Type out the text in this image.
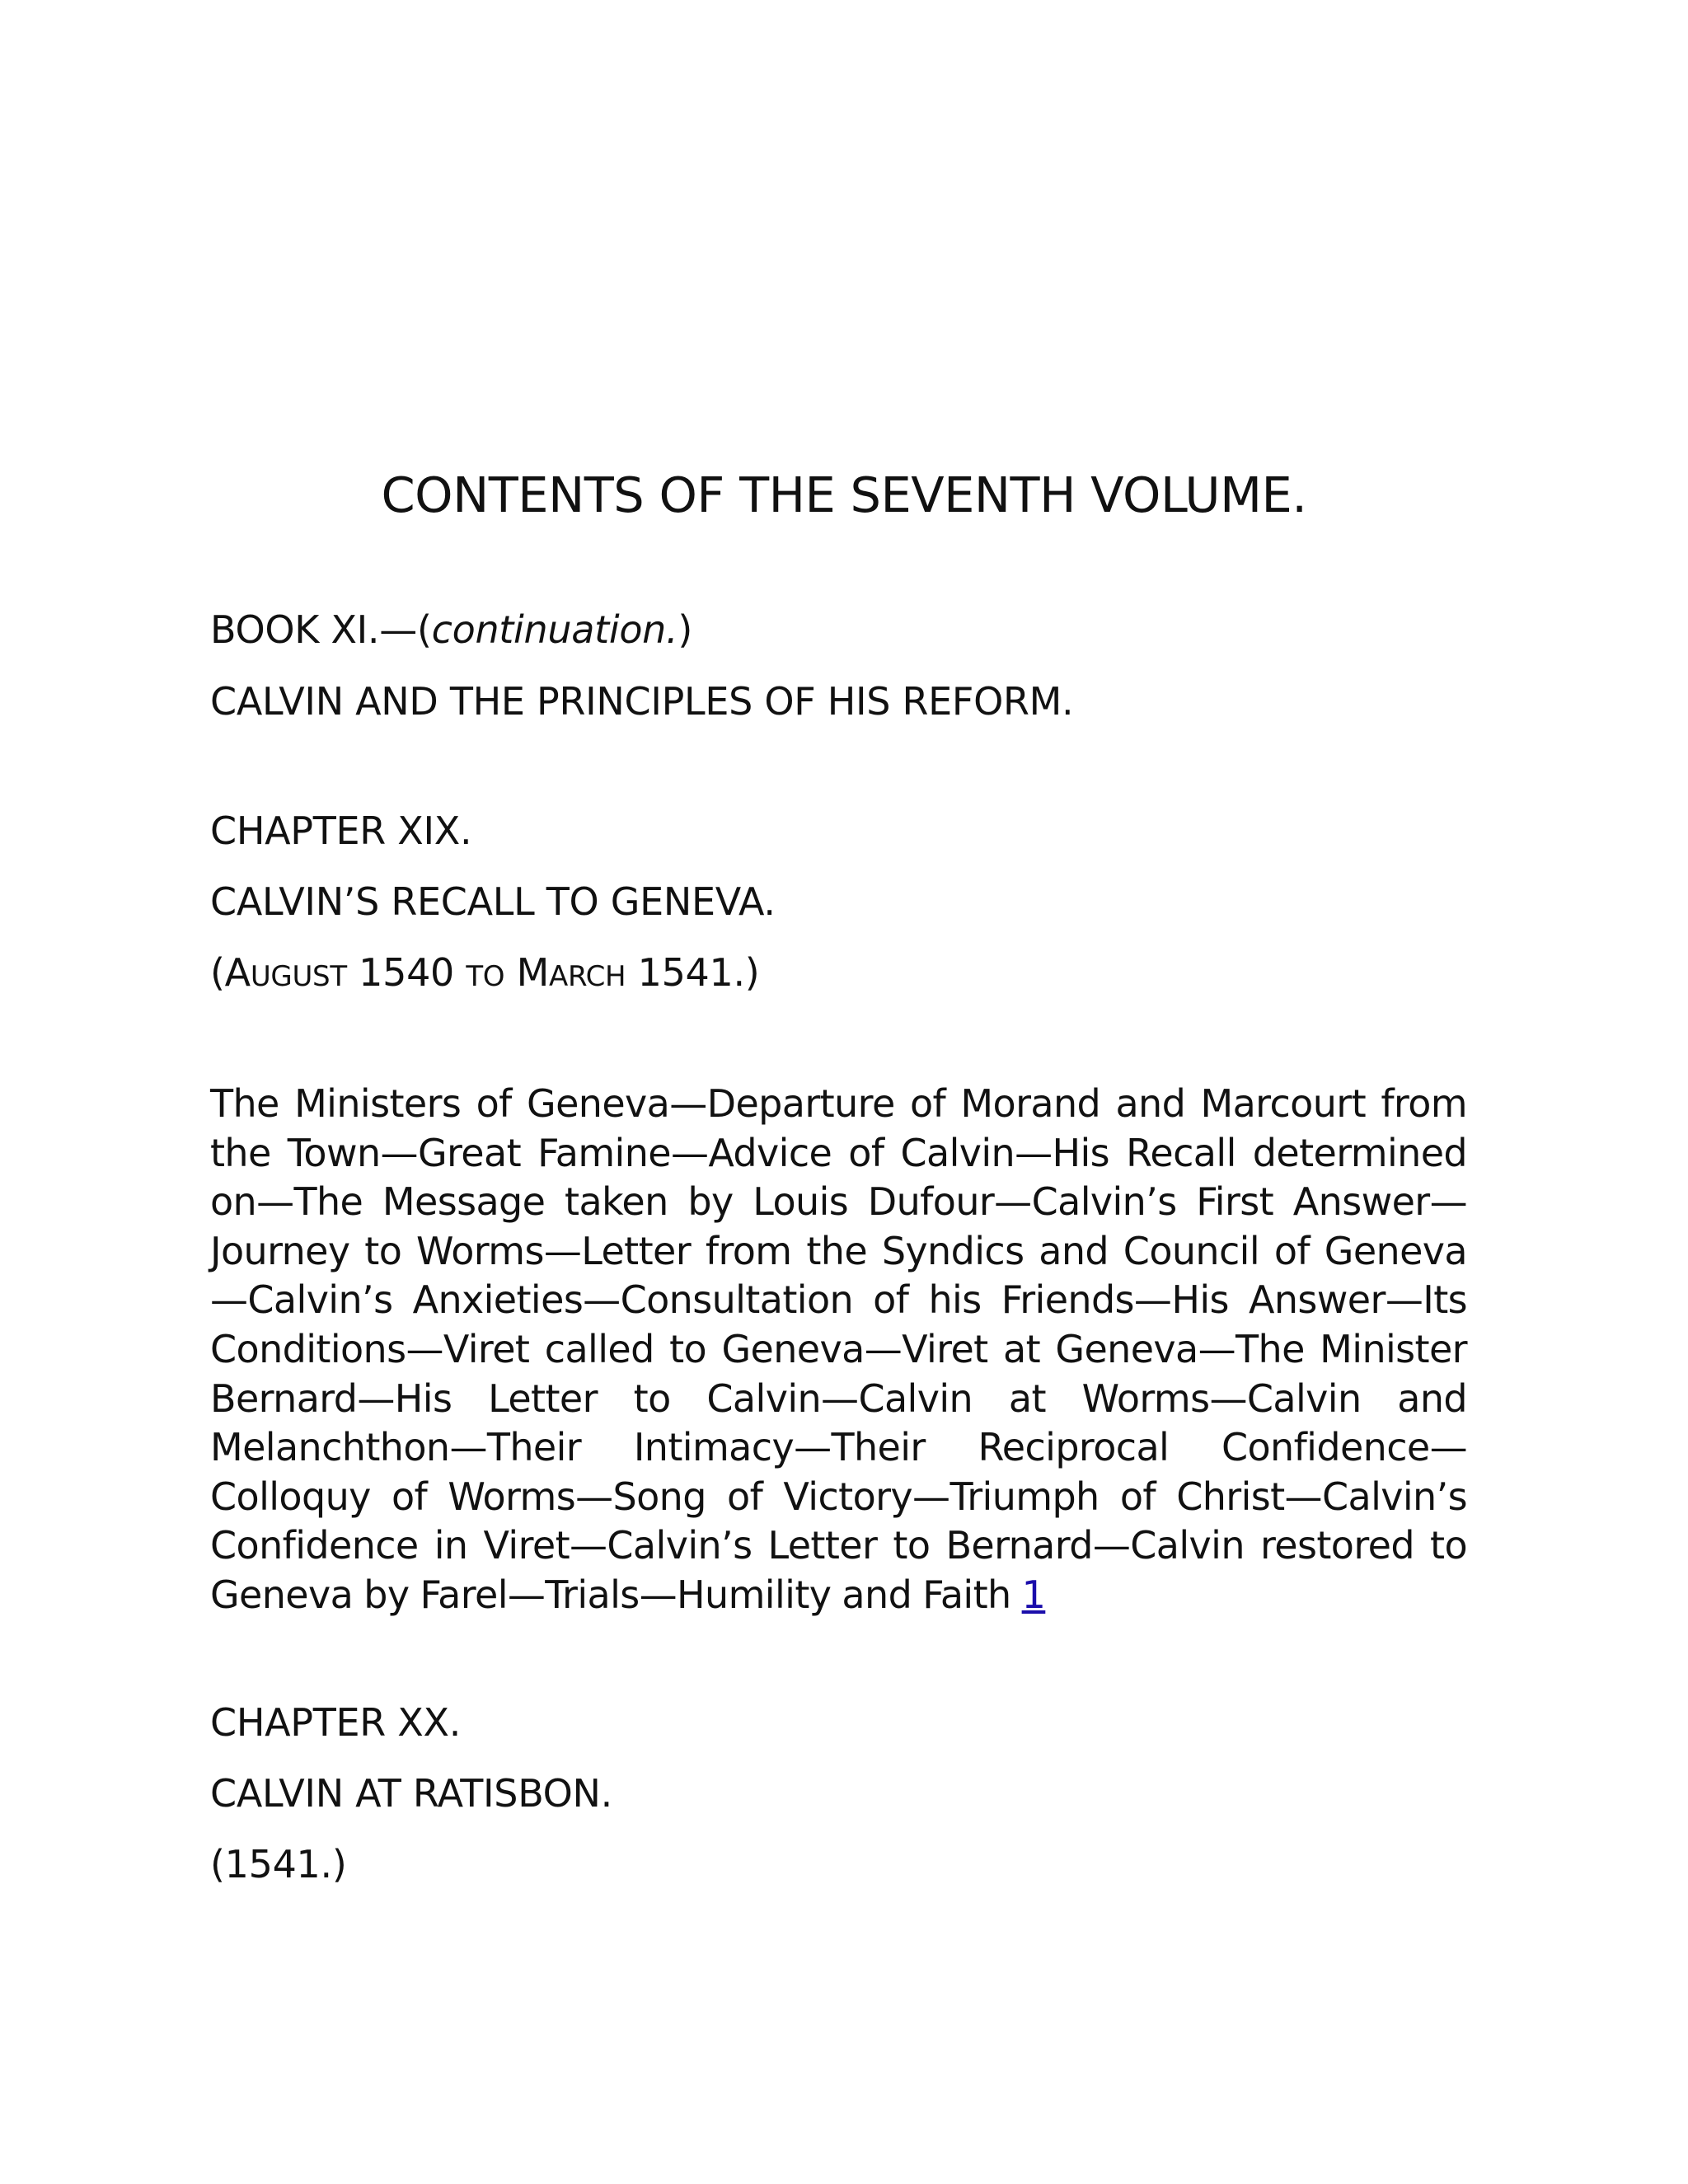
CONTENTS OF THE SEVENTH VOLUME.

BOOK XI.—(continuation.)

CALVIN AND THE PRINCIPLES OF HIS REFORM.

CHAPTER XIX.

CALVIN’S RECALL TO GENEVA.

(AUGUST 1540 TO MARCH 1541.)

The Ministers of Geneva—Departure of Morand and Marcourt from the Town—Great Famine—Advice of Calvin—His Recall determined on—The Message taken by Louis Dufour—Calvin’s First Answer—Journey to Worms—Letter from the Syndics and Council of Geneva—Calvin’s Anxieties—Consultation of his Friends—His Answer—Its Conditions—Viret called to Geneva—Viret at Geneva—The Minister Bernard—His Letter to Calvin—Calvin at Worms—Calvin and Melanchthon—Their Intimacy—Their Reciprocal Confidence—Colloquy of Worms—Song of Victory—Triumph of Christ—Calvin’s Confidence in Viret—Calvin’s Letter to Bernard—Calvin restored to Geneva by Farel—Trials—Humility and Faith 1

CHAPTER XX.

CALVIN AT RATISBON.

(1541.)
